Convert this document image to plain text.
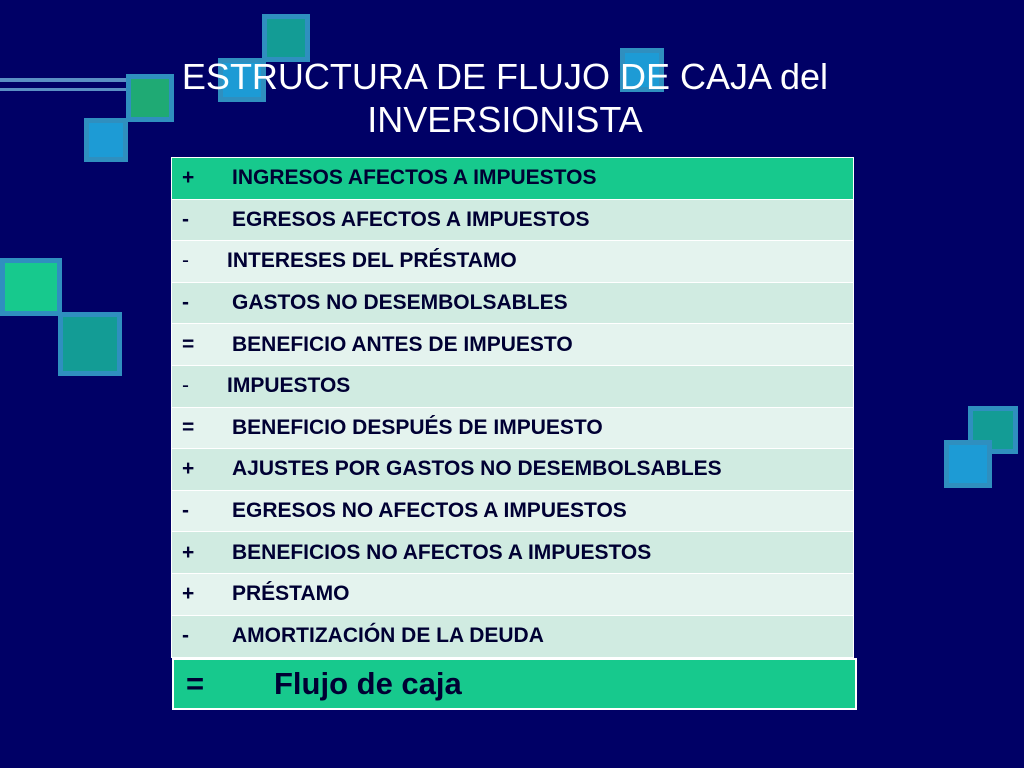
ESTRUCTURA DE FLUJO DE CAJA del
INVERSIONISTA
+	INGRESOS AFECTOS A IMPUESTOS
-	EGRESOS AFECTOS A IMPUESTOS
-	INTERESES DEL PRÉSTAMO
-	GASTOS NO DESEMBOLSABLES
=	BENEFICIO ANTES DE IMPUESTO
-	IMPUESTOS
=	BENEFICIO DESPUÉS DE IMPUESTO
+	AJUSTES POR GASTOS NO DESEMBOLSABLES
-	EGRESOS NO AFECTOS A IMPUESTOS
+	BENEFICIOS NO AFECTOS A IMPUESTOS
+	PRÉSTAMO
-	AMORTIZACIÓN DE LA DEUDA
=	Flujo de caja
